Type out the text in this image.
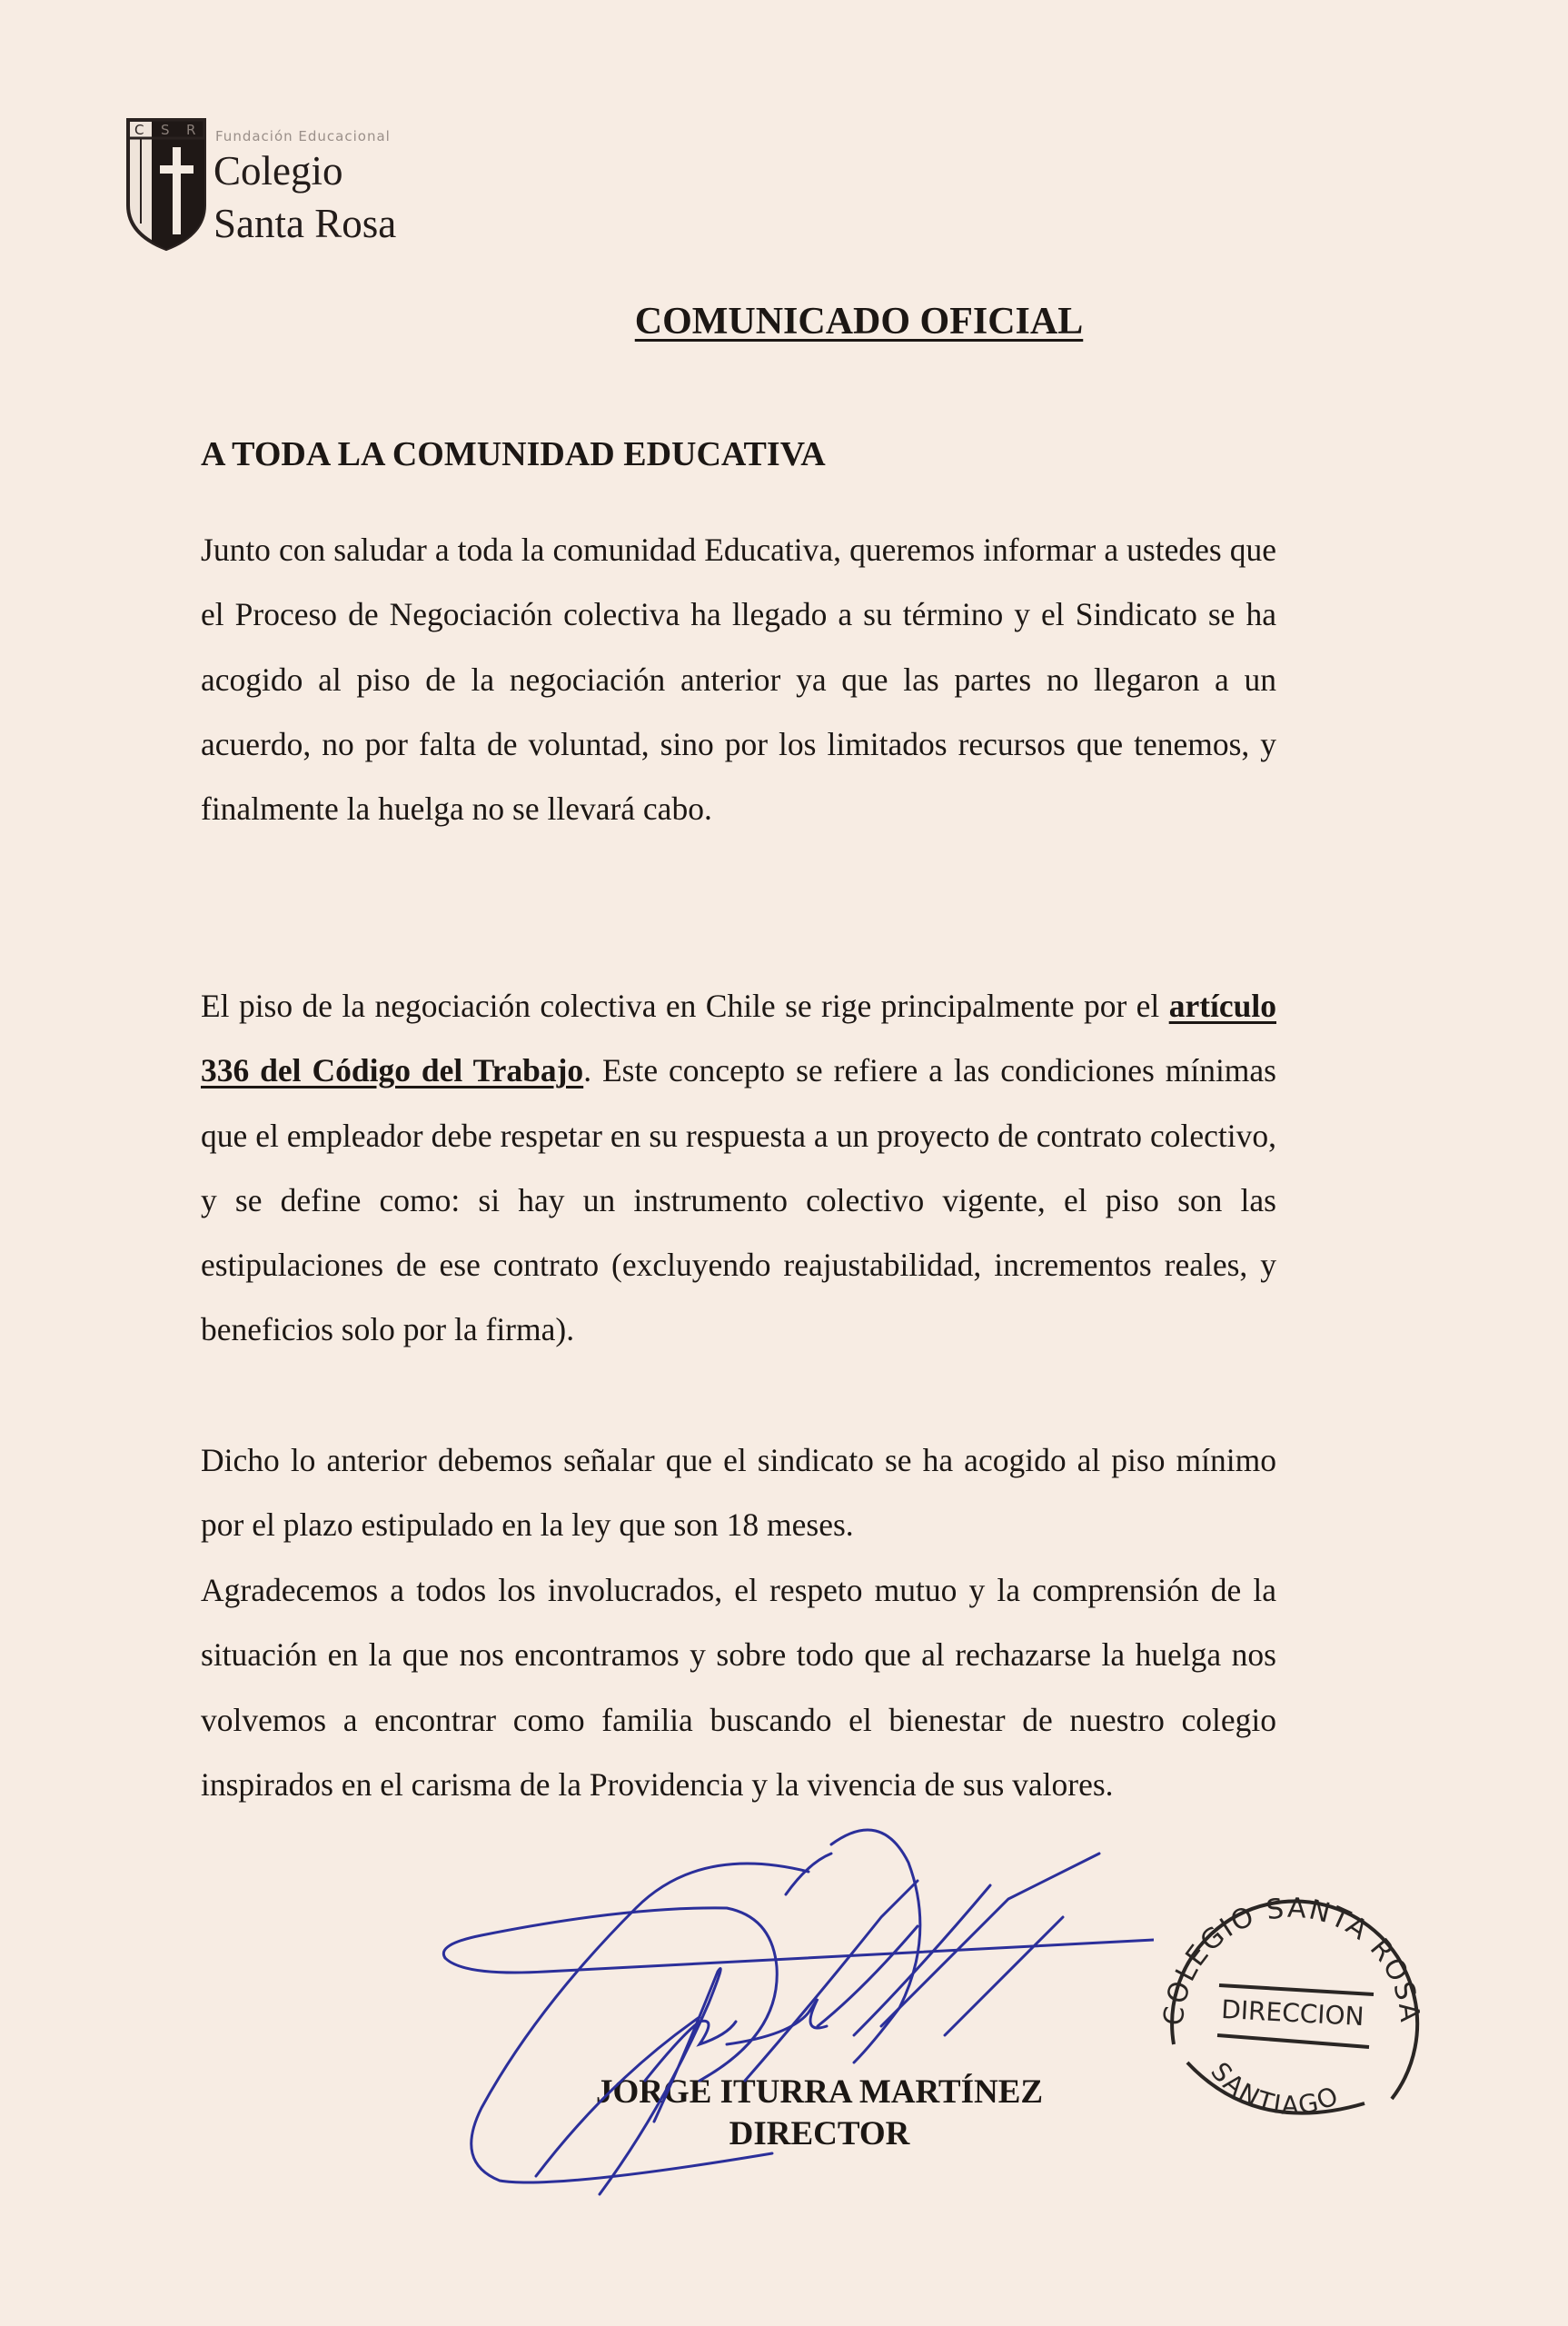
C S R Fundación Educacional
Colegio
Santa Rosa
COMUNICADO OFICIAL
A TODA LA COMUNIDAD EDUCATIVA

Junto con saludar a toda la comunidad Educativa, queremos informar a ustedes que el Proceso de Negociación colectiva ha llegado a su término y el Sindicato se ha acogido al piso de la negociación anterior ya que las partes no llegaron a un acuerdo, no por falta de voluntad, sino por los limitados recursos que tenemos, y finalmente la huelga no se llevará cabo.

El piso de la negociación colectiva en Chile se rige principalmente por el artículo 336 del Código del Trabajo. Este concepto se refiere a las condiciones mínimas que el empleador debe respetar en su respuesta a un proyecto de contrato colectivo, y se define como: si hay un instrumento colectivo vigente, el piso son las estipulaciones de ese contrato (excluyendo reajustabilidad, incrementos reales, y beneficios solo por la firma).

Dicho lo anterior debemos señalar que el sindicato se ha acogido al piso mínimo por el plazo estipulado en la ley que son 18 meses.

Agradecemos a todos los involucrados, el respeto mutuo y la comprensión de la situación en la que nos encontramos y sobre todo que al rechazarse la huelga nos volvemos a encontrar como familia buscando el bienestar de nuestro colegio inspirados en el carisma de la Providencia y la vivencia de sus valores.

JORGE ITURRA MARTÍNEZ
DIRECTOR
COLEGIO SANTA ROSA
DIRECCION
SANTIAGO
